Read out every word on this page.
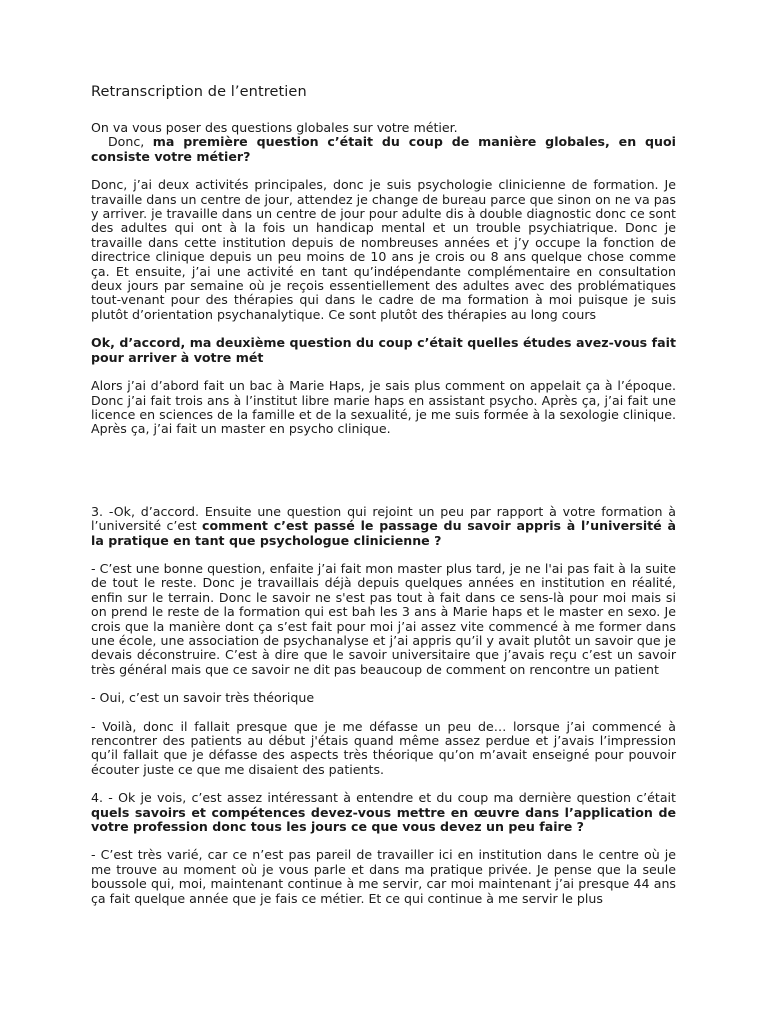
Retranscription de l’entretien

On va vous poser des questions globales sur votre métier.

Donc, ma première question c’était du coup de manière globales, en quoi consiste votre métier?

Donc, j’ai deux activités principales, donc je suis psychologie clinicienne de formation. Je travaille dans un centre de jour, attendez je change de bureau parce que sinon on ne va pas y arriver. je travaille dans un centre de jour pour adulte dis à double diagnostic donc ce sont des adultes qui ont à la fois un handicap mental et un trouble psychiatrique. Donc je travaille dans cette institution depuis de nombreuses années et j’y occupe la fonction de directrice clinique depuis un peu moins de 10 ans je crois ou 8 ans quelque chose comme ça. Et ensuite, j’ai une activité en tant qu’indépendante complémentaire en consultation deux jours par semaine où je reçois essentiellement des adultes avec des problématiques tout-venant pour des thérapies qui dans le cadre de ma formation à moi puisque je suis plutôt d’orientation psychanalytique. Ce sont plutôt des thérapies au long cours

Ok, d’accord, ma deuxième question du coup c’était quelles études avez-vous fait pour arriver à votre mét

Alors j’ai d’abord fait un bac à Marie Haps, je sais plus comment on appelait ça à l’époque. Donc j’ai fait trois ans à l’institut libre marie haps en assistant psycho. Après ça, j’ai fait une licence en sciences de la famille et de la sexualité, je me suis formée à la sexologie clinique. Après ça, j’ai fait un master en psycho clinique.

3. -Ok, d’accord. Ensuite une question qui rejoint un peu par rapport à votre formation à l’université c’est comment c’est passé le passage du savoir appris à l’université à la pratique en tant que psychologue clinicienne ?

- C’est une bonne question, enfaite j’ai fait mon master plus tard, je ne l'ai pas fait à la suite de tout le reste. Donc je travaillais déjà depuis quelques années en institution en réalité, enfin sur le terrain. Donc le savoir ne s'est pas tout à fait dans ce sens-là pour moi mais si on prend le reste de la formation qui est bah les 3 ans à Marie haps et le master en sexo. Je crois que la manière dont ça s’est fait pour moi j’ai assez vite commencé à me former dans une école, une association de psychanalyse et j’ai appris qu’il y avait plutôt un savoir que je devais déconstruire. C’est à dire que le savoir universitaire que j’avais reçu c’est un savoir très général mais que ce savoir ne dit pas beaucoup de comment on rencontre un patient

- Oui, c’est un savoir très théorique

- Voilà, donc il fallait presque que je me défasse un peu de… lorsque j’ai commencé à rencontrer des patients au début j'étais quand même assez perdue et j’avais l’impression qu’il fallait que je défasse des aspects très théorique qu’on m’avait enseigné pour pouvoir écouter juste ce que me disaient des patients.

4. - Ok je vois, c’est assez intéressant à entendre et du coup ma dernière question c’était quels savoirs et compétences devez-vous mettre en œuvre dans l’application de votre profession donc tous les jours ce que vous devez un peu faire ?

- C’est très varié, car ce n’est pas pareil de travailler ici en institution dans le centre où je me trouve au moment où je vous parle et dans ma pratique privée. Je pense que la seule boussole qui, moi, maintenant continue à me servir, car moi maintenant j’ai presque 44 ans ça fait quelque année que je fais ce métier. Et ce qui continue à me servir le plus
